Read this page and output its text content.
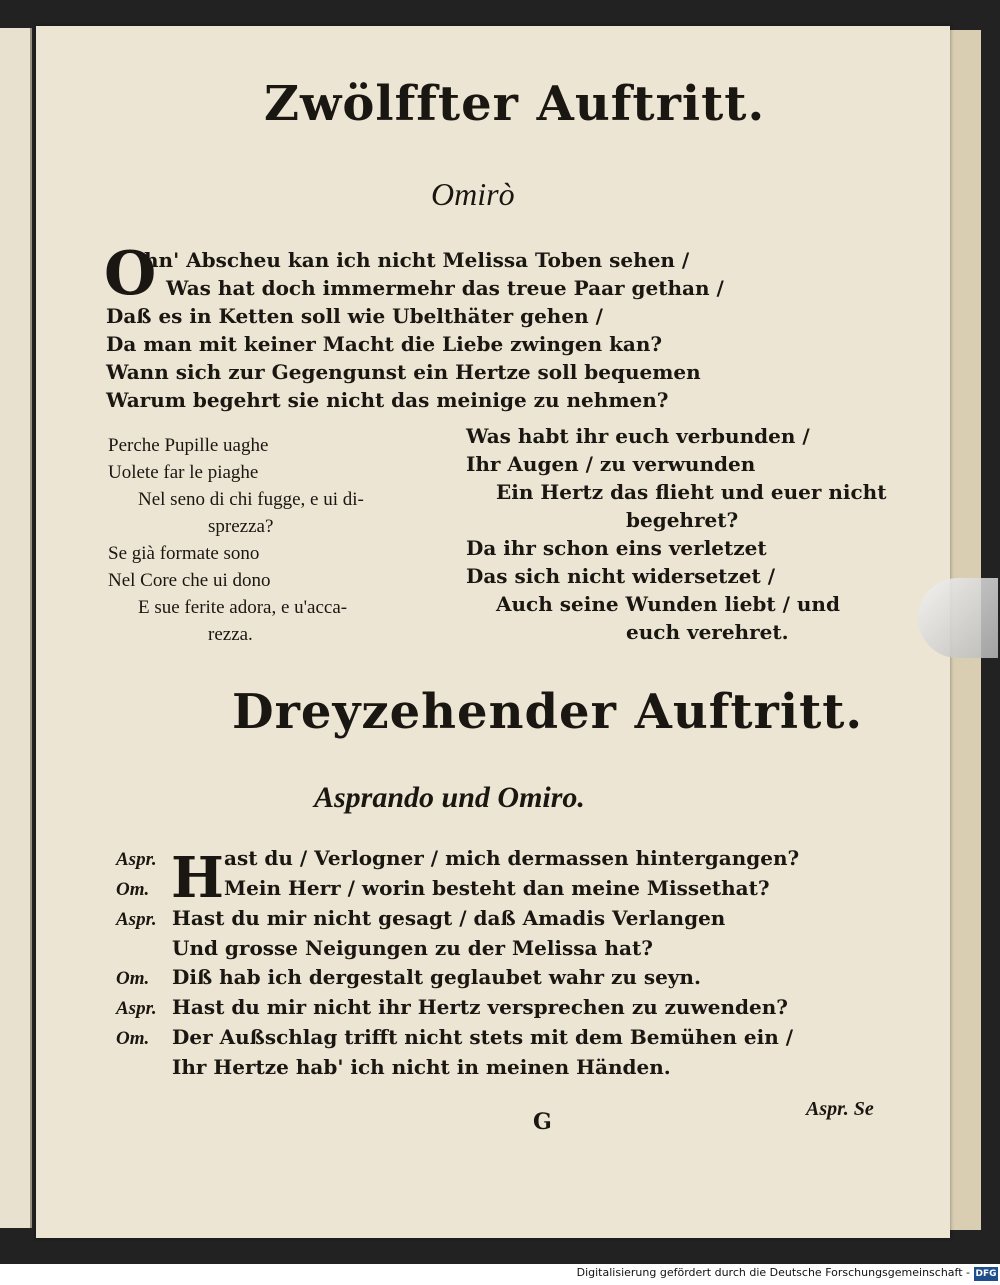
Zwölffter Auftritt.
Omirò
O
hn' Abscheu kan ich nicht Melissa Toben sehen /
Was hat doch immermehr das treue Paar gethan /
Daß es in Ketten soll wie Ubelthäter gehen /
Da man mit keiner Macht die Liebe zwingen kan?
Wann sich zur Gegengunst ein Hertze soll bequemen
Warum begehrt sie nicht das meinige zu nehmen?
Perche Pupille uaghe
Uolete far le piaghe
Nel seno di chi fugge, e ui di-
sprezza?
Se già formate sono
Nel Core che ui dono
E sue ferite adora, e u'acca-
rezza.
Was habt ihr euch verbunden /
Ihr Augen / zu verwunden
Ein Hertz das flieht und euer nicht
begehret?
Da ihr schon eins verletzet
Das sich nicht widersetzet /
Auch seine Wunden liebt / und
euch verehret.
Dreyzehender Auftritt.
Asprando und Omiro.
H
Aspr.	ast du / Verlogner / mich dermassen hintergangen?
Om.	Mein Herr / worin besteht dan meine Missethat?
Aspr. Hast du mir nicht gesagt / daß Amadis Verlangen
Und grosse Neigungen zu der Melissa hat?
Om. Diß hab ich dergestalt geglaubet wahr zu seyn.
Aspr. Hast du mir nicht ihr Hertz versprechen zu zuwenden?
Om. Der Außschlag trifft nicht stets mit dem Bemühen ein /
Ihr Hertze hab' ich nicht in meinen Händen.
G	Aspr. Se
Digitalisierung gefördert durch die Deutsche Forschungsgemeinschaft - DFG
